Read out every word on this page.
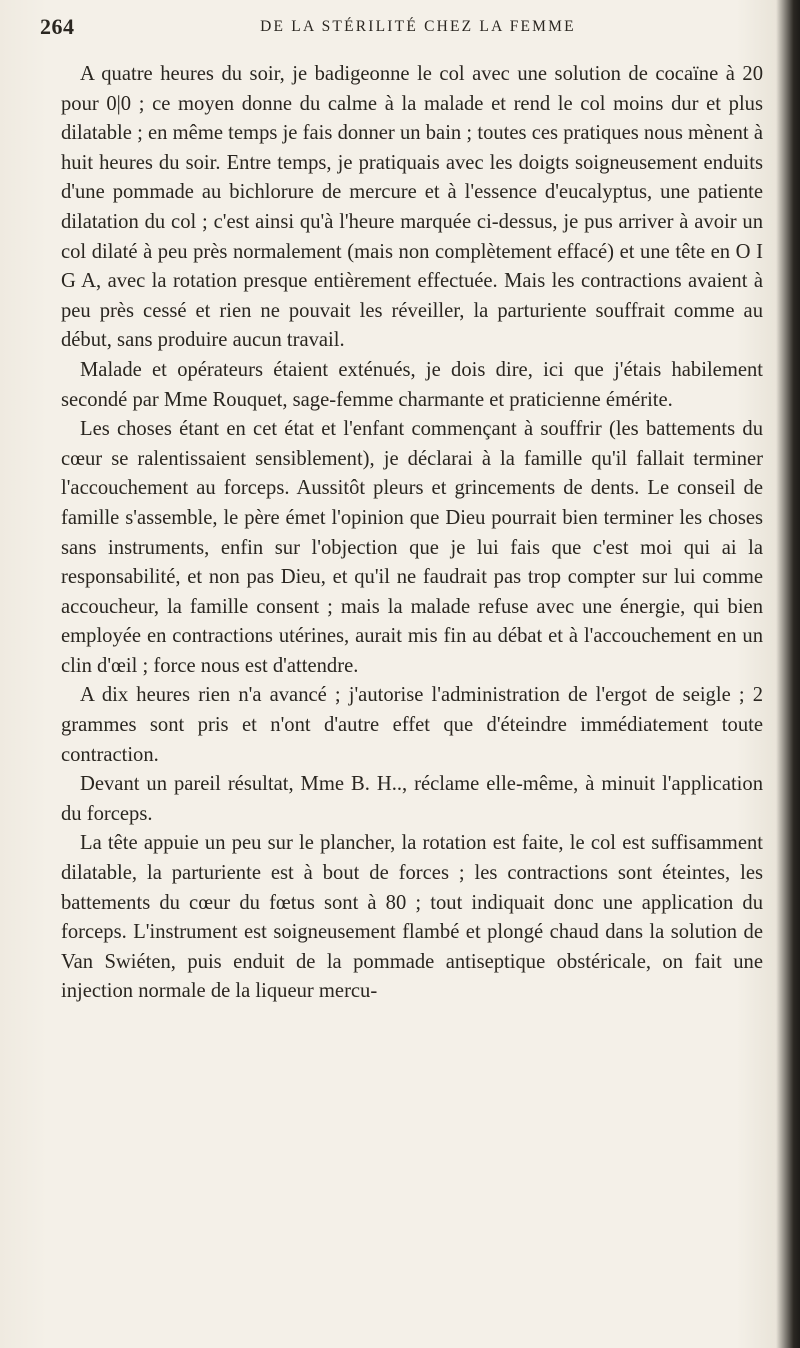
264	DE LA STÉRILITÉ CHEZ LA FEMME

A quatre heures du soir, je badigeonne le col avec une solution de cocaïne à 20 pour 0|0 ; ce moyen donne du calme à la malade et rend le col moins dur et plus dilatable ; en même temps je fais donner un bain ; toutes ces pratiques nous mènent à huit heures du soir. Entre temps, je pratiquais avec les doigts soigneusement enduits d'une pommade au bichlorure de mercure et à l'essence d'eucalyptus, une patiente dilatation du col ; c'est ainsi qu'à l'heure marquée ci-dessus, je pus arriver à avoir un col dilaté à peu près normalement (mais non complètement effacé) et une tête en O I G A, avec la rotation presque entièrement effectuée. Mais les contractions avaient à peu près cessé et rien ne pouvait les réveiller, la parturiente souffrait comme au début, sans produire aucun travail.

Malade et opérateurs étaient exténués, je dois dire, ici que j'étais habilement secondé par Mme Rouquet, sage-femme charmante et praticienne émérite.

Les choses étant en cet état et l'enfant commençant à souffrir (les battements du cœur se ralentissaient sensiblement), je déclarai à la famille qu'il fallait terminer l'accouchement au forceps. Aussitôt pleurs et grincements de dents. Le conseil de famille s'assemble, le père émet l'opinion que Dieu pourrait bien terminer les choses sans instruments, enfin sur l'objection que je lui fais que c'est moi qui ai la responsabilité, et non pas Dieu, et qu'il ne faudrait pas trop compter sur lui comme accoucheur, la famille consent ; mais la malade refuse avec une énergie, qui bien employée en contractions utérines, aurait mis fin au débat et à l'accouchement en un clin d'œil ; force nous est d'attendre.

A dix heures rien n'a avancé ; j'autorise l'administration de l'ergot de seigle ; 2 grammes sont pris et n'ont d'autre effet que d'éteindre immédiatement toute contraction.

Devant un pareil résultat, Mme B. H.., réclame elle-même, à minuit l'application du forceps.

La tête appuie un peu sur le plancher, la rotation est faite, le col est suffisamment dilatable, la parturiente est à bout de forces ; les contractions sont éteintes, les battements du cœur du fœtus sont à 80 ; tout indiquait donc une application du forceps. L'instrument est soigneusement flambé et plongé chaud dans la solution de Van Swiéten, puis enduit de la pommade antiseptique obstéricale, on fait une injection normale de la liqueur mercu-
